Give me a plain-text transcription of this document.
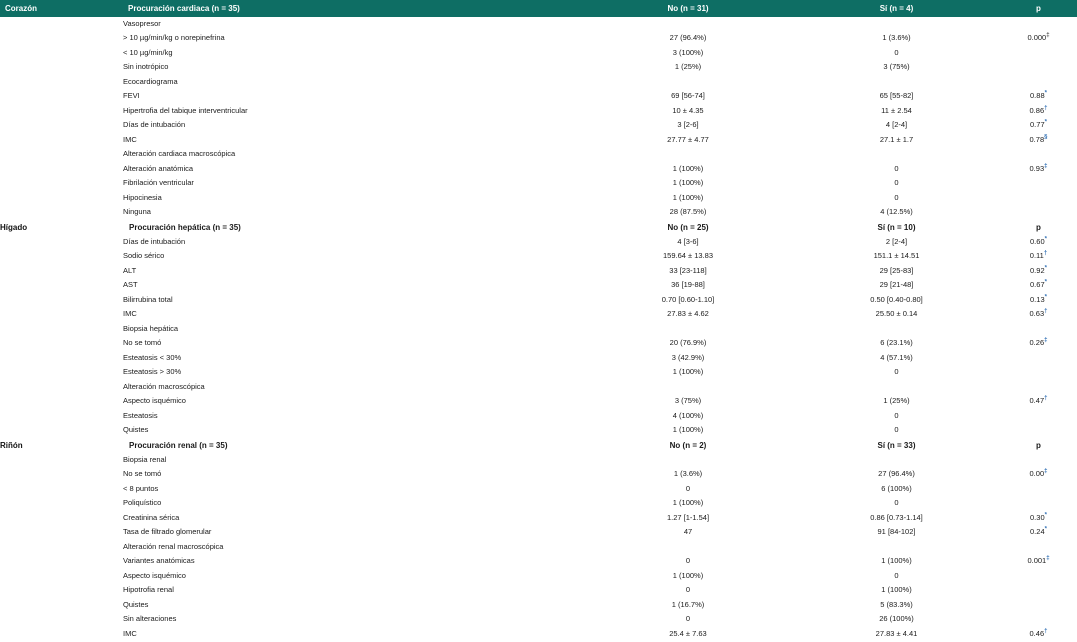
Corazón	Procuración cardiaca (n = 35)	No (n = 31)	Sí (n = 4)	p
	Vasopresor			
	> 10 µg/min/kg o norepinefrina	27 (96.4%)	1 (3.6%)	0.000‡
	< 10 µg/min/kg	3 (100%)	0	
	Sin inotrópico	1 (25%)	3 (75%)	
	Ecocardiograma			
	FEVI	69 [56-74]	65 [55-82]	0.88*
	Hipertrofia del tabique interventricular	10 ± 4.35	11 ± 2.54	0.86†
	Días de intubación	3 [2-6]	4 [2-4]	0.77*
	IMC	27.77 ± 4.77	27.1 ± 1.7	0.78§
	Alteración cardiaca macroscópica			
	Alteración anatómica	1 (100%)	0	0.93‡
	Fibrilación ventricular	1 (100%)	0	
	Hipocinesia	1 (100%)	0	
	Ninguna	28 (87.5%)	4 (12.5%)	
Hígado	Procuración hepática (n = 35)	No (n = 25)	Sí (n = 10)	p
	Días de intubación	4 [3-6]	2 [2-4]	0.60*
	Sodio sérico	159.64 ± 13.83	151.1 ± 14.51	0.11†
	ALT	33 [23-118]	29 [25-83]	0.92*
	AST	36 [19-88]	29 [21-48]	0.67*
	Bilirrubina total	0.70 [0.60-1.10]	0.50 [0.40-0.80]	0.13*
	IMC	27.83 ± 4.62	25.50 ± 0.14	0.63†
	Biopsia hepática			
	No se tomó	20 (76.9%)	6 (23.1%)	0.26‡
	Esteatosis < 30%	3 (42.9%)	4 (57.1%)	
	Esteatosis > 30%	1 (100%)	0	
	Alteración macroscópica			
	Aspecto isquémico	3 (75%)	1 (25%)	0.47†
	Esteatosis	4 (100%)	0	
	Quistes	1 (100%)	0	
Riñón	Procuración renal (n = 35)	No (n = 2)	Sí (n = 33)	p
	Biopsia renal			
	No se tomó	1 (3.6%)	27 (96.4%)	0.00‡
	< 8 puntos	0	6 (100%)	
	Poliquístico	1 (100%)	0	
	Creatinina sérica	1.27 [1-1.54]	0.86 [0.73-1.14]	0.30*
	Tasa de filtrado glomerular	47	91 [84-102]	0.24*
	Alteración renal macroscópica			
	Variantes anatómicas	0	1 (100%)	0.001‡
	Aspecto isquémico	1 (100%)	0	
	Hipotrofia renal	0	1 (100%)	
	Quistes	1 (16.7%)	5 (83.3%)	
	Sin alteraciones	0	26 (100%)	
	IMC	25.4 ± 7.63	27.83 ± 4.41	0.46†
